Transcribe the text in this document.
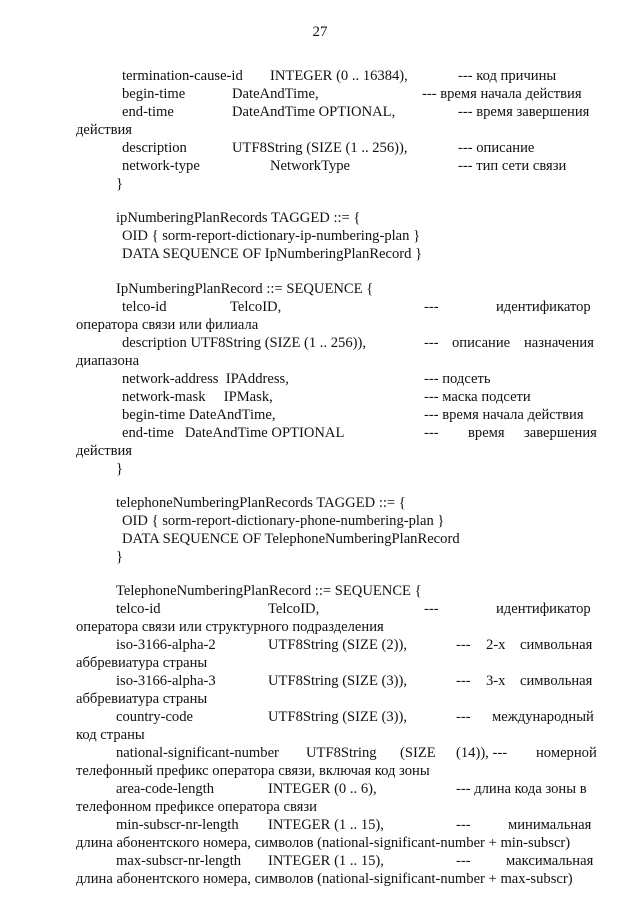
27
termination-cause-id INTEGER (0 .. 16384),	--- код причины
begin-time	DateAndTime,	--- время начала действия
end-time	DateAndTime OPTIONAL,	--- время завершения
действия
description	UTF8String (SIZE (1 .. 256)),	--- описание
network-type	NetworkType	--- тип сети связи
}
ipNumberingPlanRecords TAGGED ::= {
OID { sorm-report-dictionary-ip-numbering-plan }
DATA SEQUENCE OF IpNumberingPlanRecord }
IpNumberingPlanRecord ::= SEQUENCE {
telco-id	TelcoID,	---	идентификатор
оператора связи или филиала
description UTF8String (SIZE (1 .. 256)),	--- описание назначения
диапазона
network-address  IPAddress,	--- подсеть
network-mask     IPMask,	--- маска подсети
begin-time DateAndTime,	--- время начала действия
end-time   DateAndTime OPTIONAL	--- время завершения
действия
}
telephoneNumberingPlanRecords TAGGED ::= {
OID { sorm-report-dictionary-phone-numbering-plan }
DATA SEQUENCE OF TelephoneNumberingPlanRecord
}
TelephoneNumberingPlanRecord ::= SEQUENCE {
telco-id	TelcoID,	---	идентификатор
оператора связи или структурного подразделения
iso-3166-alpha-2	UTF8String (SIZE (2)),	--- 2-х символьная
аббревиатура страны
iso-3166-alpha-3	UTF8String (SIZE (3)),	--- 3-х символьная
аббревиатура страны
country-code	UTF8String (SIZE (3)),	--- международный
код страны
national-significant-number UTF8String (SIZE (14)), --- номерной
телефонный префикс оператора связи, включая код зоны
area-code-length	INTEGER (0 .. 6),	--- длина кода зоны в
телефонном префиксе оператора связи
min-subscr-nr-length INTEGER (1 .. 15),	---	минимальная
длина абонентского номера, символов (national-significant-number + min-subscr)
max-subscr-nr-length INTEGER (1 .. 15),	--- максимальная
длина абонентского номера, символов (national-significant-number + max-subscr)
